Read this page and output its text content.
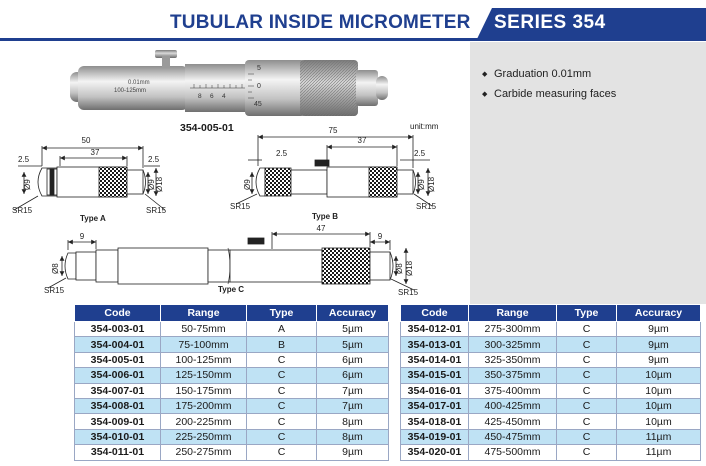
TUBULAR INSIDE MICROMETER SERIES 354
◆ Graduation 0.01mm
◆ Carbide measuring faces
0.01mm
100-125mm
8 6 4
5
0
45
50
37
2.5	2.5
Ø9	Ø9 Ø18
SR15	SR15
Type A
75
37
2.5	2.5
Ø9	Ø9 Ø18
SR15	SR15
Type B
9
47
9
Ø8	Ø8 Ø18
SR15	SR15
Type C
354-005-01	unit:mm
Code	Range	Type	Accuracy
354-003-01	50-75mm	A	5µm
354-004-01	75-100mm	B	5µm
354-005-01	100-125mm	C	6µm
354-006-01	125-150mm	C	6µm
354-007-01	150-175mm	C	7µm
354-008-01	175-200mm	C	7µm
354-009-01	200-225mm	C	8µm
354-010-01	225-250mm	C	8µm
354-011-01	250-275mm	C	9µm
Code	Range	Type	Accuracy
354-012-01	275-300mm	C	9µm
354-013-01	300-325mm	C	9µm
354-014-01	325-350mm	C	9µm
354-015-01	350-375mm	C	10µm
354-016-01	375-400mm	C	10µm
354-017-01	400-425mm	C	10µm
354-018-01	425-450mm	C	10µm
354-019-01	450-475mm	C	11µm
354-020-01	475-500mm	C	11µm
